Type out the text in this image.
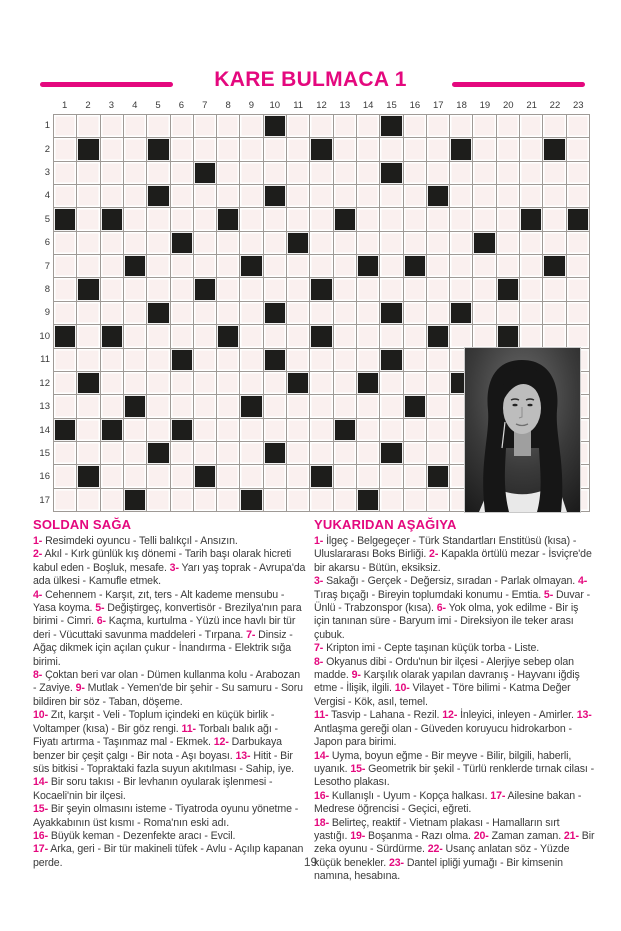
KARE BULMACA 1
1	2	3	4	5	6	7	8	9	10	11	12	13	14	15	16	17	18	19	20	21	22	23
1
2
3
4
5
6
7
8
9
10
11
12
13
14
15
16
17
SOLDAN SAĞA

1- Resimdeki oyuncu - Telli balıkçıl - Ansızın.

2- Akıl - Kırk günlük kış dönemi - Tarih başı olarak hicreti kabul eden - Boşluk, mesafe. 3- Yarı yaş toprak - Avrupa'da ada ülkesi - Kamufle etmek.

4- Cehennem - Karşıt, zıt, ters - Alt kademe mensubu - Yasa koyma. 5- Değiştirgeç, konvertisör - Brezilya'nın para birimi - Cimri. 6- Kaçma, kurtulma - Yüzü ince havlı bir tür deri - Vücuttaki savunma maddeleri - Tırpana. 7- Dinsiz - Ağaç dikmek için açılan çukur - İnandırma - Elektrik sığa birimi.

8- Çoktan beri var olan - Dümen kullanma kolu - Arabozan - Zaviye. 9- Mutlak - Yemen'de bir şehir - Su samuru - Soru bildiren bir söz - Taban, döşeme.

10- Zıt, karşıt - Veli - Toplum içindeki en küçük birlik - Voltamper (kısa) - Bir göz rengi. 11- Torbalı balık ağı - Fiyatı artırma - Taşınmaz mal - Ekmek. 12- Darbukaya benzer bir çeşit çalgı - Bir nota - Aşı boyası. 13- Hitit - Bir süs bitkisi - Topraktaki fazla suyun akıtılması - Sahip, iye. 14- Bir soru takısı - Bir levhanın oyularak işlenmesi - Kocaeli'nin bir ilçesi.

15- Bir şeyin olmasını isteme - Tiyatroda oyunu yönetme - Ayakkabının üst kısmı - Roma'nın eski adı.

16- Büyük keman - Dezenfekte aracı - Evcil.

17- Arka, geri - Bir tür makineli tüfek - Avlu - Açılıp kapanan perde.

YUKARIDAN AŞAĞIYA

1- İlgeç - Belgegeçer - Türk Standartları Enstitüsü (kısa) - Uluslararası Boks Birliği. 2- Kapakla örtülü mezar - İsviçre'de bir akarsu - Bütün, eksiksiz.

3- Sakağı - Gerçek - Değersiz, sıradan - Parlak olmayan. 4- Tıraş bıçağı - Bireyin toplumdaki konumu - Emtia. 5- Duvar - Ünlü - Trabzonspor (kısa). 6- Yok olma, yok edilme - Bir iş için tanınan süre - Baryum imi - Direksiyon ile teker arası çubuk.

7- Kripton imi - Cepte taşınan küçük torba - Liste.

8- Okyanus dibi - Ordu'nun bir ilçesi - Alerjiye sebep olan madde. 9- Karşılık olarak yapılan davranış - Hayvanı iğdiş etme - İlişik, ilgili. 10- Vilayet - Töre bilimi - Katma Değer Vergisi - Kök, asıl, temel.

11- Tasvip - Lahana - Rezil. 12- İnleyici, inleyen - Amirler. 13- Antlaşma gereği olan - Güveden koruyucu hidrokarbon - Japon para birimi.

14- Uyma, boyun eğme - Bir meyve - Bilir, bilgili, haberli, uyanık. 15- Geometrik bir şekil - Türlü renklerde tırnak cilası - Lesotho plakası.

16- Kullanışlı - Uyum - Kopça halkası. 17- Ailesine bakan - Medrese öğrencisi - Geçici, eğreti.

18- Belirteç, reaktif - Vietnam plakası - Hamalların sırt yastığı. 19- Boşanma - Razı olma. 20- Zaman zaman. 21- Bir zeka oyunu - Sürdürme. 22- Usanç anlatan söz - Yüzde küçük benekler. 23- Dantel ipliği yumağı - Bir kimsenin namına, hesabına.

19
